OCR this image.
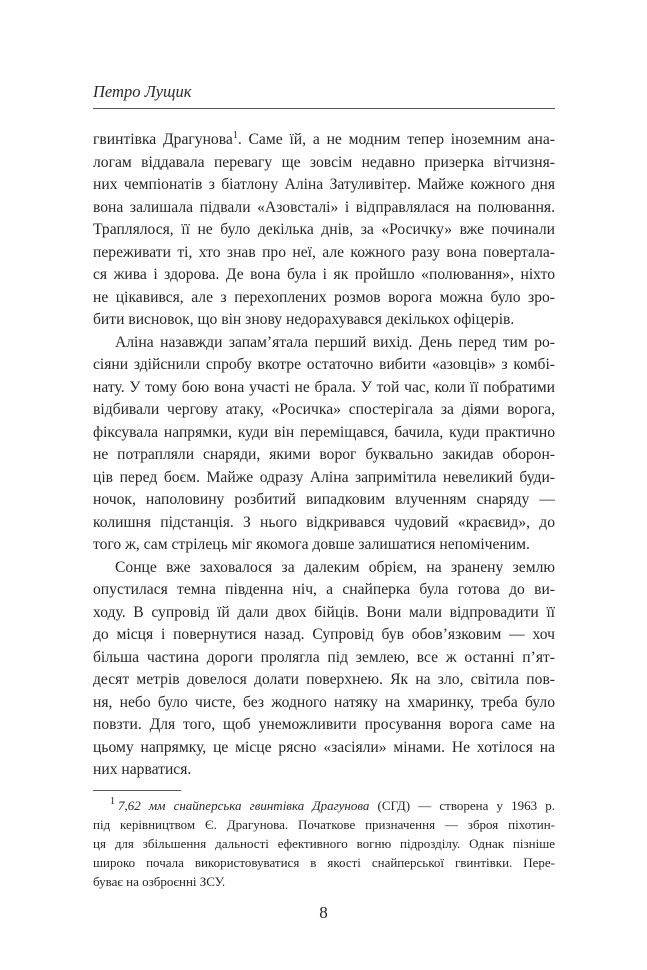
Петро Лущик
гвинтівка Драгунова$^1$. Саме їй, а не модним тепер іноземним ана-
логам віддавала перевагу ще зовсім недавно призерка вітчизня-
них чемпіонатів з біатлону Аліна Затуливітер. Майже кожного дня
вона залишала підвали «Азовсталі» і відправлялася на полювання.
Траплялося, її не було декілька днів, за «Росичку» вже починали
переживати ті, хто знав про неї, але кожного разу вона повертала-
ся жива і здорова. Де вона була і як пройшло «полювання», ніхто
не цікавився, але з перехоплених розмов ворога можна було зро-
бити висновок, що він знову недорахувався декількох офіцерів.
Аліна назавжди запам’ятала перший вихід. День перед тим ро-
сіяни здійснили спробу вкотре остаточно вибити «азовців» з комбі-
нату. У тому бою вона участі не брала. У той час, коли її побратими
відбивали чергову атаку, «Росичка» спостерігала за діями ворога,
фіксувала напрямки, куди він переміщався, бачила, куди практично
не потрапляли снаряди, якими ворог буквально закидав оборон-
ців перед боєм. Майже одразу Аліна запримітила невеликий буди-
ночок, наполовину розбитий випадковим влученням снаряду —
колишня підстанція. З нього відкривався чудовий «краєвид», до
того ж, сам стрілець міг якомога довше залишатися непоміченим.
Сонце вже заховалося за далеким обрієм, на зранену землю
опустилася темна південна ніч, а снайперка була готова до ви-
ходу. В супровід їй дали двох бійців. Вони мали відпровадити її
до місця і повернутися назад. Супровід був обов’язковим — хоч
більша частина дороги пролягла під землею, все ж останні п’ят-
десят метрів довелося долати поверхнею. Як на зло, світила пов-
ня, небо було чисте, без жодного натяку на хмаринку, треба було
повзти. Для того, щоб унеможливити просування ворога саме на
цьому напрямку, це місце рясно «засіяли» мінами. Не хотілося на
них нарватися.
1 7,62 мм снайперська гвинтівка Драгунова (СГД) — створена у 1963 р.
під керівництвом Є. Драгунова. Початкове призначення — зброя піхотин-
ця для збільшення дальності ефективного вогню підрозділу. Однак пізніше
широко почала використовуватися в якості снайперської гвинтівки. Пере-
буває на озброєнні ЗСУ.
8
